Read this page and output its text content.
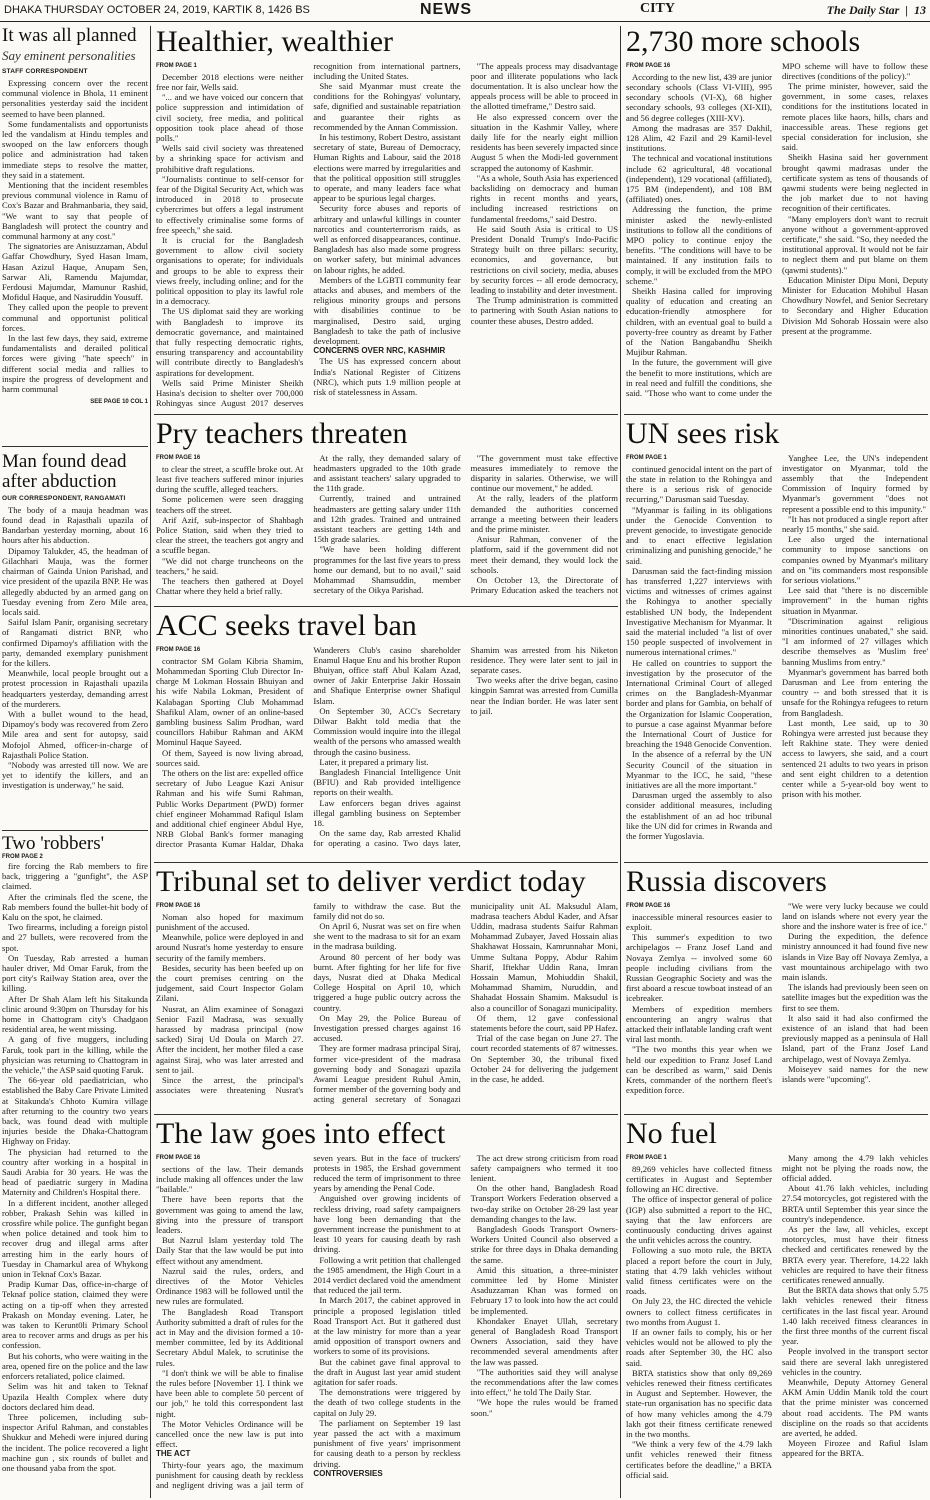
DHAKA THURSDAY OCTOBER 24, 2019, KARTIK 8, 1426 BS	NEWS	CITY	The Daily Star  |  13
It was all planned
Say eminent personalities
STAFF CORRESPONDENT

Expressing concern over the recent communal violence in Bhola, 11 eminent personalities yesterday said the incident seemed to have been planned.

Some fundamentalists and opportunists led the vandalism at Hindu temples and swooped on the law enforcers though police and administration had taken immediate steps to resolve the matter, they said in a statement.

Mentioning that the incident resembles previous communal violence in Ramu of Cox's Bazar and Brahmanbaria, they said, "We want to say that people of Bangladesh will protect the country and communal harmony at any cost."

The signatories are Anisuzzaman, Abdul Gaffar Chowdhury, Syed Hasan Imam, Hasan Azizul Haque, Anupam Sen, Sarwar Ali, Ramendu Majumdar, Ferdousi Majumdar, Mamunur Rashid, Mofidul Haque, and Nasiruddin Yousuff.

They called upon the people to prevent communal and opportunist political forces.

In the last few days, they said, extreme fundamentalists and derailed political forces were giving "hate speech" in different social media and rallies to inspire the progress of development and harm communal

SEE PAGE 10 COL 1
Man found dead after abduction
OUR CORRESPONDENT, RANGAMATI

The body of a mauja headman was found dead in Rajasthali upazila of Bandarban yesterday morning, about 16 hours after his abduction.

Dipamoy Talukder, 45, the headman of Gilachhari Mauja, was the former chairman of Gainda Union Parishad, and vice president of the upazila BNP. He was allegedly abducted by an armed gang on Tuesday evening from Zero Mile area, locals said.

Saiful Islam Panir, organising secretary of Rangamati district BNP, who confirmed Dipamoy's affiliation with the party, demanded exemplary punishment for the killers.

Meanwhile, local people brought out a protest procession in Rajasthali upazila headquarters yesterday, demanding arrest of the murderers.

With a bullet wound to the head, Dipamoy's body was recovered from Zero Mile area and sent for autopsy, said Mofojol Ahmed, officer-in-charge of Rajasthali Police Station.

"Nobody was arrested till now. We are yet to identify the killers, and an investigation is underway," he said.

Two 'robbers'
FROM PAGE 2

fire forcing the Rab members to fire back, triggering a "gunfight", the ASP claimed.

After the criminals fled the scene, the Rab members found the bullet-hit body of Kalu on the spot, he claimed.

Two firearms, including a foreign pistol and 27 bullets, were recovered from the spot.

On Tuesday, Rab arrested a human hauler driver, Md Omar Faruk, from the port city's Railway Station area, over the killing.

After Dr Shah Alam left his Sitakunda clinic around 9:30pm on Thursday for his home in Chattogram city's Chadgaon residential area, he went missing.

A gang of five muggers, including Faruk, took part in the killing, while the physician was returning to Chattogram in the vehicle," the ASP said quoting Faruk.

The 66-year old paediatrician, who established the Baby Care Private Limited at Sitakunda's Chhoto Kumira village after returning to the country two years back, was found dead with multiple injuries beside the Dhaka-Chattogram Highway on Friday.

The physician had returned to the country after working in a hospital in Saudi Arabia for 30 years. He was the head of paediatric surgery in Madina Maternity and Children's Hospital there.

In a different incident, another alleged robber, Prakash Sehin was killed in crossfire while police. The gunfight began when police detained and took him to recover drug and illegal arms after arresting him in the early hours of Tuesday in Chamarkul area of Whykong union in Teknaf Cox's Bazar.

Pradip Kumar Das, office-in-charge of Teknaf police station, claimed they were acting on a tip-off when they arrested Prakash on Monday evening. Later, he was taken to Kerunt0li Primary School area to recover arms and drugs as per his confession.

But his cohorts, who were waiting in the area, opened fire on the police and the law enforcers retaliated, police claimed.

Selim was hit and taken to Teknaf Upazila Health Complex where duty doctors declared him dead.

Three policemen, including sub-inspector Ariful Rahman, and constables Shukkur and Mehedi were injured during the incident. The police recovered a light machine gun , six rounds of bullet and one thousand yaba from the spot.

Healthier, wealthier
FROM PAGE 1

December 2018 elections were neither free nor fair, Wells said.

"... and we have voiced our concern that police suppression and intimidation of civil society, free media, and political opposition took place ahead of those polls."

Wells said civil society was threatened by a shrinking space for activism and prohibitive draft regulations.

"Journalists continue to self-censor for fear of the Digital Security Act, which was introduced in 2018 to prosecute cybercrimes but offers a legal instrument to effectively criminalise some forms of free speech," she said.

It is crucial for the Bangladesh government to allow civil society organisations to operate; for individuals and groups to be able to express their views freely, including online; and for the political opposition to play its lawful role in a democracy.

The US diplomat said they are working with Bangladesh to improve its democratic governance, and maintained that fully respecting democratic rights, ensuring transparency and accountability will contribute directly to Bangladesh's aspirations for development.

Wells said Prime Minister Sheikh Hasina's decision to shelter over 700,000 Rohingyas since August 2017 deserves recognition from international partners, including the United States.

She said Myanmar must create the conditions for the Rohingyas' voluntary, safe, dignified and sustainable repatriation and guarantee their rights as recommended by the Annan Commission.

In his testimony, Robert Destro, assistant secretary of state, Bureau of Democracy, Human Rights and Labour, said the 2018 elections were marred by irregularities and that the political opposition still struggles to operate, and many leaders face what appear to be spurious legal charges.

Security force abuses and reports of arbitrary and unlawful killings in counter narcotics and counterterrorism raids, as well as enforced disappearances, continue. Bangladesh has also made some progress on worker safety, but minimal advances on labour rights, he added.

Members of the LGBTI community fear attacks and abuses, and members of the religious minority groups and persons with disabilities continue to be marginalised, Destro said, urging Bangladesh to take the path of inclusive development.

CONCERNS OVER NRC, KASHMIR

The US has expressed concern about India's National Register of Citizens (NRC), which puts 1.9 million people at risk of statelessness in Assam.

"The appeals process may disadvantage poor and illiterate populations who lack documentation. It is also unclear how the appeals process will be able to proceed in the allotted timeframe," Destro said.

He also expressed concern over the situation in the Kashmir Valley, where daily life for the nearly eight million residents has been severely impacted since August 5 when the Modi-led government scrapped the autonomy of Kashmir.

"As a whole, South Asia has experienced backsliding on democracy and human rights in recent months and years, including increased restrictions on fundamental freedoms," said Destro.

He said South Asia is critical to US President Donald Trump's Indo-Pacific Strategy built on three pillars: security, economics, and governance, but restrictions on civil society, media, abuses by security forces -- all erode democracy, leading to instability and deter investment.

The Trump administration is committed to partnering with South Asian nations to counter these abuses, Destro added.

Pry teachers threaten
FROM PAGE 16

to clear the street, a scuffle broke out. At least five teachers suffered minor injuries during the scuffle, alleged teachers.

Some policemen were seen dragging teachers off the street.

Arif Azif, sub-inspector of Shahbagh Police Station, said when they tried to clear the street, the teachers got angry and a scuffle began.

"We did not charge truncheons on the teachers," he said.

The teachers then gathered at Doyel Chattar where they held a brief rally.

At the rally, they demanded salary of headmasters upgraded to the 10th grade and assistant teachers' salary upgraded to the 11th grade.

Currently, trained and untrained headmasters are getting salary under 11th and 12th grades. Trained and untrained assistant teachers are getting 14th and 15th grade salaries.

"We have been holding different programmes for the last five years to press home our demand, but to no avail," said Mohammad Shamsuddin, member secretary of the Oikya Parishad.

"The government must take effective measures immediately to remove the disparity in salaries. Otherwise, we will continue our movement," he added.

At the rally, leaders of the platform demanded the authorities concerned arrange a meeting between their leaders and the prime minister.

Anisur Rahman, convener of the platform, said if the government did not meet their demand, they would lock the schools.

On October 13, the Directorate of Primary Education asked the teachers not

ACC seeks travel ban
FROM PAGE 16

contractor SM Golam Kibria Shamim, Mohammedan Sporting Club Director In-charge M Lokman Hossain Bhuiyan and his wife Nabila Lokman, President of Kalabagan Sporting Club Mohammad Shafikul Alam, owner of an online-based gambling business Salim Prodhan, ward councillors Habibur Rahman and AKM Mominul Haque Sayeed.

Of them, Sayeed is now living abroad, sources said.

The others on the list are: expelled office secretary of Jubo League Kazi Anisur Rahman and his wife Sumi Rahman, Public Works Department (PWD) former chief engineer Mohammad Rafiqul Islam and additional chief engineer Abdul Hye, NRB Global Bank's former managing director Prasanta Kumar Haldar, Dhaka Wanderers Club's casino shareholder Enamul Haque Enu and his brother Rupon Bhuiyan, office staff Abul Kalam Azad, owner of Jakir Enterprise Jakir Hossain and Shafique Enterprise owner Shafiqul Islam.

On September 30, ACC's Secretary Dilwar Bakht told media that the Commission would inquire into the illegal wealth of the persons who amassed wealth through the casino business.

Later, it prepared a primary list.

Bangladesh Financial Intelligence Unit (BFIU) and Rab provided intelligence reports on their wealth.

Law enforcers began drives against illegal gambling business on September 18.

On the same day, Rab arrested Khalid for operating a casino. Two days later, Shamim was arrested from his Niketon residence. They were later sent to jail in separate cases.

Two weeks after the drive began, casino kingpin Samrat was arrested from Cumilla near the Indian border. He was later sent to jail.

Tribunal set to deliver verdict today
FROM PAGE 16

Noman also hoped for maximum punishment of the accused.

Meanwhile, police were deployed in and around Nusrat's home yesterday to ensure security of the family members.

Besides, security has been beefed up on the court premises centring on the judgement, said Court Inspector Golam Zilani.

Nusrat, an Alim examinee of Sonagazi Senior Fazil Madrasa, was sexually harassed by madrasa principal (now sacked) Siraj Ud Doula on March 27. After the incident, her mother filed a case against Siraj, who was later arrested and sent to jail.

Since the arrest, the principal's associates were threatening Nusrat's family to withdraw the case. But the family did not do so.

On April 6, Nusrat was set on fire when she went to the madrasa to sit for an exam in the madrasa building.

Around 80 percent of her body was burnt. After fighting for her life for five days, Nusrat died at Dhaka Medical College Hospital on April 10, which triggered a huge public outcry across the country.

On May 29, the Police Bureau of Investigation pressed charges against 16 accused.

They are former madrasa principal Siraj, former vice-president of the madrasa governing body and Sonagazi upazila Awami League president Ruhul Amin, former member of the governing body and acting general secretary of Sonagazi municipality unit AL Maksudul Alam, madrasa teachers Abdul Kader, and Afsar Uddin, madrasa students Saifur Rahman Mohammad Zubayer, Javed Hossain alias Shakhawat Hossain, Kamrunnahar Moni, Umme Sultana Poppy, Abdur Rahim Sharif, Iftekhar Uddin Rana, Imran Hossain Mamun, Mohiuddin Shakil, Mohammad Shamim, Nuruddin, and Shahadat Hossain Shamim. Maksudul is also a councillor of Sonagazi municipality.

Of them, 12 gave confessional statements before the court, said PP Hafez.

Trial of the case began on June 27. The court recorded statements of 87 witnesses. On September 30, the tribunal fixed October 24 for delivering the judgement in the case, he added.

The law goes into effect
FROM PAGE 16

sections of the law. Their demands include making all offences under the law "bailable."

There have been reports that the government was going to amend the law, giving into the pressure of transport leaders.

But Nazrul Islam yesterday told The Daily Star that the law would be put into effect without any amendment.

Nazrul said the rules, orders, and directives of the Motor Vehicles Ordinance 1983 will be followed until the new rules are formulated.

The Bangladesh Road Transport Authority submitted a draft of rules for the act in May and the division formed a 10-member committee, led by its Additional Secretary Abdul Malek, to scrutinise the rules.

"I don't think we will be able to finalise the rules before [November 1]. I think we have been able to complete 50 percent of our job," he told this correspondent last night.

The Motor Vehicles Ordinance will be cancelled once the new law is put into effect.

THE ACT

Thirty-four years ago, the maximum punishment for causing death by reckless and negligent driving was a jail term of seven years. But in the face of truckers' protests in 1985, the Ershad government reduced the term of imprisonment to three years by amending the Penal Code.

Anguished over growing incidents of reckless driving, road safety campaigners have long been demanding that the government increase the punishment to at least 10 years for causing death by rash driving.

Following a writ petition that challenged the 1985 amendment, the High Court in a 2014 verdict declared void the amendment that reduced the jail term.

In March 2017, the cabinet approved in principle a proposed legislation titled Road Transport Act. But it gathered dust at the law ministry for more than a year amid opposition of transport owners and workers to some of its provisions.

But the cabinet gave final approval to the draft in August last year amid student agitation for safer roads.

The demonstrations were triggered by the death of two college students in the capital on July 29.

The parliament on September 19 last year passed the act with a maximum punishment of five years' imprisonment for causing death to a person by reckless driving.

CONTROVERSIES

The act drew strong criticism from road safety campaigners who termed it too lenient.

On the other hand, Bangladesh Road Transport Workers Federation observed a two-day strike on October 28-29 last year demanding changes to the law.

Bangladesh Goods Transport Owners-Workers United Council also observed a strike for three days in Dhaka demanding the same.

Amid this situation, a three-minister committee led by Home Minister Asaduzzaman Khan was formed on February 17 to look into how the act could be implemented.

Khondaker Enayet Ullah, secretary general of Bangladesh Road Transport Owners Association, said they have recommended several amendments after the law was passed.

"The authorities said they will analyse the recommendations after the law comes into effect," he told The Daily Star.

"We hope the rules would be framed soon."

2,730 more schools
FROM PAGE 16

According to the new list, 439 are junior secondary schools (Class VI-VIII), 995 secondary schools (VI-X), 68 higher secondary schools, 93 colleges (XI-XII), and 56 degree colleges (XIII-XV).

Among the madrasas are 357 Dakhil, 128 Alim, 42 Fazil and 29 Kamil-level institutions.

The technical and vocational institutions include 62 agricultural, 48 vocational (independent), 129 vocational (affiliated), 175 BM (independent), and 108 BM (affiliated) ones.

Addressing the function, the prime minister asked the newly-enlisted institutions to follow all the conditions of MPO policy to continue enjoy the benefits. "The conditions will have to be maintained. If any institution fails to comply, it will be excluded from the MPO scheme."

Sheikh Hasina called for improving quality of education and creating an education-friendly atmosphere for children, with an eventual goal to build a poverty-free country as dreamt by Father of the Nation Bangabandhu Sheikh Mujibur Rahman.

In the future, the government will give the benefit to more institutions, which are in real need and fulfill the conditions, she said. "Those who want to come under the MPO scheme will have to follow these directives (conditions of the policy)."

The prime minister, however, said the government, in some cases, relaxes conditions for the institutions located in remote places like haors, hills, chars and inaccessible areas. These regions get special consideration for inclusion, she said.

Sheikh Hasina said her government brought qawmi madrasas under the certificate system as tens of thousands of qawmi students were being neglected in the job market due to not having recognition of their certificates.

"Many employers don't want to recruit anyone without a government-approved certificate," she said. "So, they needed the institutional approval. It would not be fair to neglect them and put blame on them (qawmi students)."

Education Minister Dipu Moni, Deputy Minister for Education Mohibul Hasan Chowdhury Nowfel, and Senior Secretary to Secondary and Higher Education Division Md Sohorab Hossain were also present at the programme.

UN sees risk
FROM PAGE 1

continued genocidal intent on the part of the state in relation to the Rohingya and there is a serious risk of genocide recurring," Darusman said Tuesday.

"Myanmar is failing in its obligations under the Genocide Convention to prevent genocide, to investigate genocide and to enact effective legislation criminalizing and punishing genocide," he said.

Darusman said the fact-finding mission has transferred 1,227 interviews with victims and witnesses of crimes against the Rohingya to another specially established UN body, the Independent Investigative Mechanism for Myanmar. It said the material included "a list of over 150 people suspected of involvement in numerous international crimes."

He called on countries to support the investigation by the prosecutor of the International Criminal Court of alleged crimes on the Bangladesh-Myanmar border and plans for Gambia, on behalf of the Organization for Islamic Cooperation, to pursue a case against Myanmar before the International Court of Justice for breaching the 1948 Genocide Convention.

In the absence of a referral by the UN Security Council of the situation in Myanmar to the ICC, he said, "these initiatives are all the more important."

Darusman urged the assembly to also consider additional measures, including the establishment of an ad hoc tribunal like the UN did for crimes in Rwanda and the former Yugoslavia.

Yanghee Lee, the UN's independent investigator on Myanmar, told the assembly that the Independent Commission of Inquiry formed by Myanmar's government "does not represent a possible end to this impunity."

"It has not produced a single report after nearly 15 months," she said.

Lee also urged the international community to impose sanctions on companies owned by Myanmar's military and on "its commanders most responsible for serious violations."

Lee said that "there is no discernible improvement" in the human rights situation in Myanmar.

"Discrimination against religious minorities continues unabated," she said. "I am informed of 27 villages which describe themselves as 'Muslim free' banning Muslims from entry."

Myanmar's government has barred both Darusman and Lee from entering the country -- and both stressed that it is unsafe for the Rohingya refugees to return from Bangladesh.

Last month, Lee said, up to 30 Rohingya were arrested just because they left Rakhine state. They were denied access to lawyers, she said, and a court sentenced 21 adults to two years in prison and sent eight children to a detention center while a 5-year-old boy went to prison with his mother.

Russia discovers
FROM PAGE 16

inaccessible mineral resources easier to exploit.

This summer's expedition to two archipelagos -- Franz Josef Land and Novaya Zemlya -- involved some 60 people including civilians from the Russian Geographic Society and was the first aboard a rescue towboat instead of an icebreaker.

Members of expedition members encountering an angry walrus that attacked their inflatable landing craft went viral last month.

"The two months this year when we held our expedition to Franz Josef Land can be described as warm," said Denis Krets, commander of the northern fleet's expedition force.

"We were very lucky because we could land on islands where not every year the shore and the inshore water is free of ice."

During the expedition, the defence ministry announced it had found five new islands in Vize Bay off Novaya Zemlya, a vast mountainous archipelago with two main islands.

The islands had previously been seen on satellite images but the expedition was the first to see them.

It also said it had also confirmed the existence of an island that had been previously mapped as a peninsula of Hall Island, part of the Franz Josef Land archipelago, west of Novaya Zemlya.

Moiseyev said names for the new islands were "upcoming".

No fuel
FROM PAGE 1

89,269 vehicles have collected fitness certificates in August and September following an HC directive.

The office of inspector general of police (IGP) also submitted a report to the HC, saying that the law enforcers are continuously conducting drives against the unfit vehicles across the country.

Following a suo moto rule, the BRTA placed a report before the court in July, stating that 4.79 lakh vehicles without valid fitness certificates were on the roads.

On July 23, the HC directed the vehicle owners to collect fitness certificates in two months from August 1.

If an owner fails to comply, his or her vehicles would not be allowed to ply the roads after September 30, the HC also said.

BRTA statistics show that only 89,269 vehicles renewed their fitness certificates in August and September. However, the state-run organisation has no specific data of how many vehicles among the 4.79 lakh got their fitness certificate renewed in the two months.

"We think a very few of the 4.79 lakh unfit vehicles renewed their fitness certificates before the deadline," a BRTA official said.

Many among the 4.79 lakh vehicles might not be plying the roads now, the official added.

About 41.76 lakh vehicles, including 27.54 motorcycles, got registered with the BRTA until September this year since the country's independence.

As per the law, all vehicles, except motorcycles, must have their fitness checked and certificates renewed by the BRTA every year. Therefore, 14.22 lakh vehicles are required to have their fitness certificates renewed annually.

But the BRTA data shows that only 5.75 lakh vehicles renewed their fitness certificates in the last fiscal year. Around 1.40 lakh received fitness clearances in the first three months of the current fiscal year.

People involved in the transport sector said there are several lakh unregistered vehicles in the country.

Meanwhile, Deputy Attorney General AKM Amin Uddin Manik told the court that the prime minister was concerned about road accidents. The PM wants discipline on the roads so that accidents are averted, he added.

Moyeen Firozee and Rafiul Islam appeared for the BRTA.
